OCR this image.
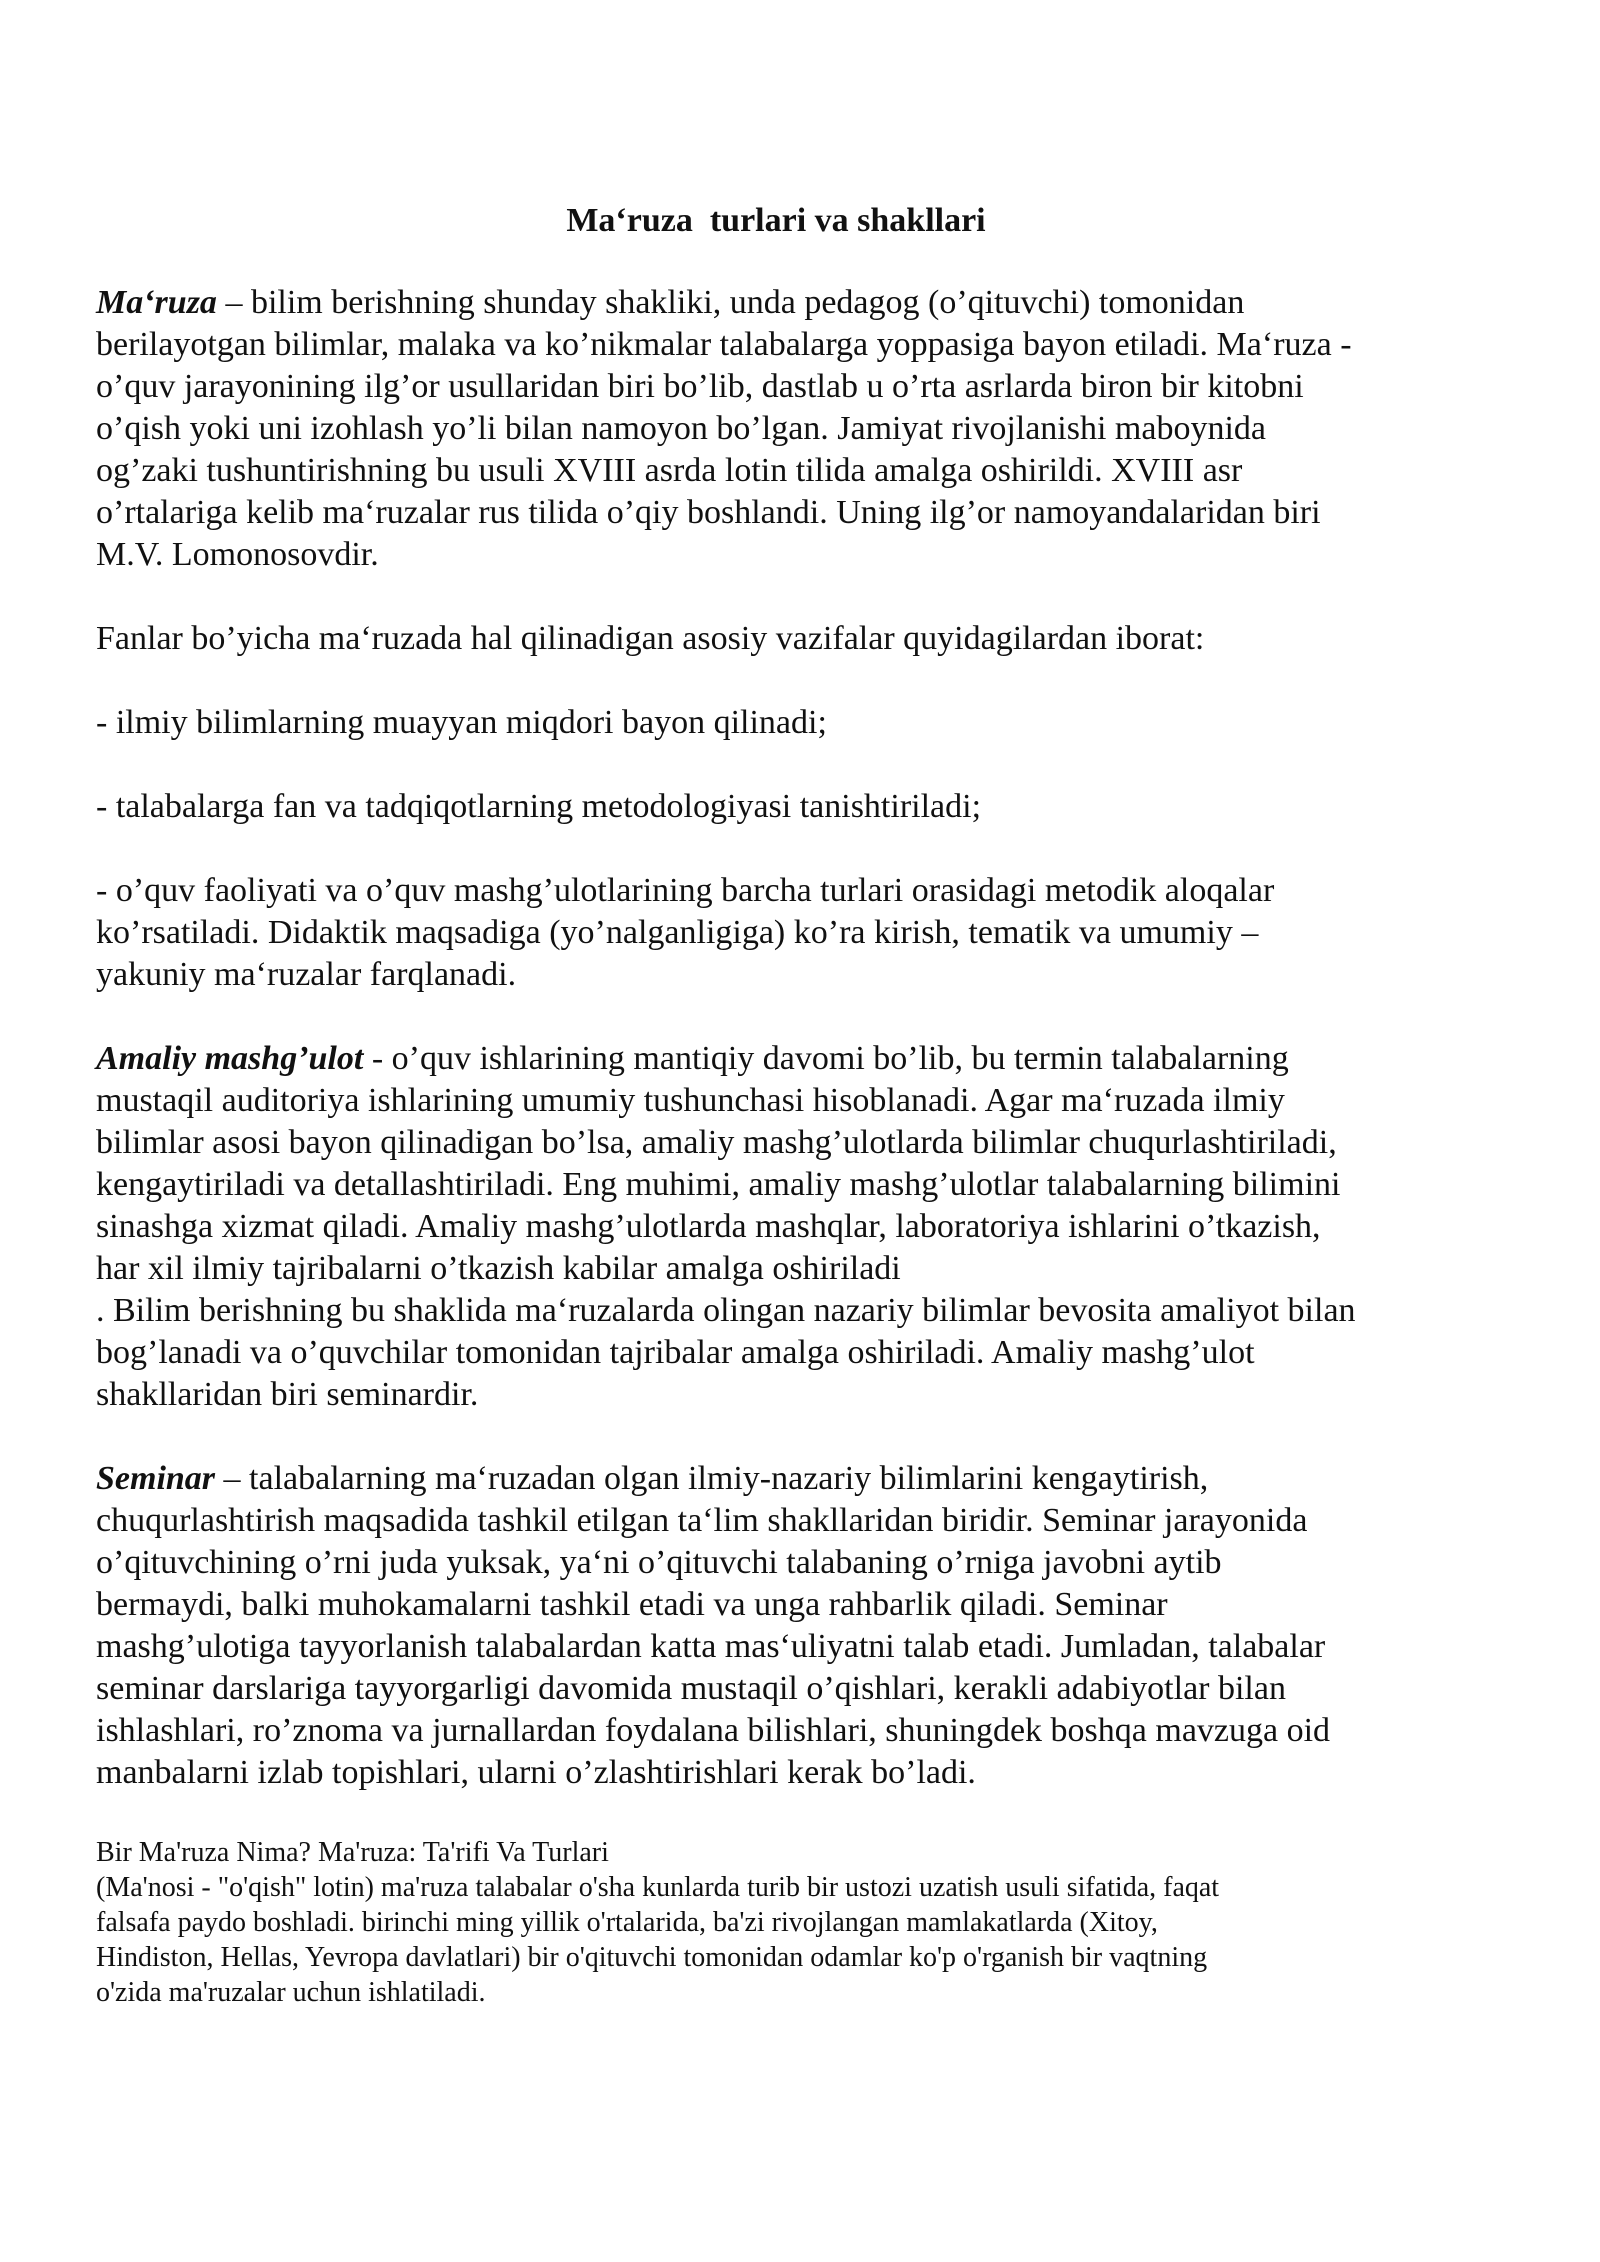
Ma‘ruza  turlari va shakllari
Ma‘ruza – bilim berishning shunday shakliki, unda pedagog (o’qituvchi) tomonidan
berilayotgan bilimlar, malaka va ko’nikmalar talabalarga yoppasiga bayon etiladi. Ma‘ruza -
o’quv jarayonining ilg’or usullaridan biri bo’lib, dastlab u o’rta asrlarda biron bir kitobni
o’qish yoki uni izohlash yo’li bilan namoyon bo’lgan. Jamiyat rivojlanishi maboynida
og’zaki tushuntirishning bu usuli XVIII asrda lotin tilida amalga oshirildi. XVIII asr
o’rtalariga kelib ma‘ruzalar rus tilida o’qiy boshlandi. Uning ilg’or namoyandalaridan biri
M.V. Lomonosovdir.
Fanlar bo’yicha ma‘ruzada hal qilinadigan asosiy vazifalar quyidagilardan iborat:
- ilmiy bilimlarning muayyan miqdori bayon qilinadi;
- talabalarga fan va tadqiqotlarning metodologiyasi tanishtiriladi;
- o’quv faoliyati va o’quv mashg’ulotlarining barcha turlari orasidagi metodik aloqalar
ko’rsatiladi. Didaktik maqsadiga (yo’nalganligiga) ko’ra kirish, tematik va umumiy –
yakuniy ma‘ruzalar farqlanadi.
Amaliy mashg’ulot - o’quv ishlarining mantiqiy davomi bo’lib, bu termin talabalarning
mustaqil auditoriya ishlarining umumiy tushunchasi hisoblanadi. Agar ma‘ruzada ilmiy
bilimlar asosi bayon qilinadigan bo’lsa, amaliy mashg’ulotlarda bilimlar chuqurlashtiriladi,
kengaytiriladi va detallashtiriladi. Eng muhimi, amaliy mashg’ulotlar talabalarning bilimini
sinashga xizmat qiladi. Amaliy mashg’ulotlarda mashqlar, laboratoriya ishlarini o’tkazish,
har xil ilmiy tajribalarni o’tkazish kabilar amalga oshiriladi
. Bilim berishning bu shaklida ma‘ruzalarda olingan nazariy bilimlar bevosita amaliyot bilan
bog’lanadi va o’quvchilar tomonidan tajribalar amalga oshiriladi. Amaliy mashg’ulot
shakllaridan biri seminardir.
Seminar – talabalarning ma‘ruzadan olgan ilmiy-nazariy bilimlarini kengaytirish,
chuqurlashtirish maqsadida tashkil etilgan ta‘lim shakllaridan biridir. Seminar jarayonida
o’qituvchining o’rni juda yuksak, ya‘ni o’qituvchi talabaning o’rniga javobni aytib
bermaydi, balki muhokamalarni tashkil etadi va unga rahbarlik qiladi. Seminar
mashg’ulotiga tayyorlanish talabalardan katta mas‘uliyatni talab etadi. Jumladan, talabalar
seminar darslariga tayyorgarligi davomida mustaqil o’qishlari, kerakli adabiyotlar bilan
ishlashlari, ro’znoma va jurnallardan foydalana bilishlari, shuningdek boshqa mavzuga oid
manbalarni izlab topishlari, ularni o’zlashtirishlari kerak bo’ladi.
Bir Ma'ruza Nima? Ma'ruza: Ta'rifi Va Turlari
(Ma'nosi - "o'qish" lotin) ma'ruza talabalar o'sha kunlarda turib bir ustozi uzatish usuli sifatida, faqat
falsafa paydo boshladi. birinchi ming yillik o'rtalarida, ba'zi rivojlangan mamlakatlarda (Xitoy,
Hindiston, Hellas, Yevropa davlatlari) bir o'qituvchi tomonidan odamlar ko'p o'rganish bir vaqtning
o'zida ma'ruzalar uchun ishlatiladi.
